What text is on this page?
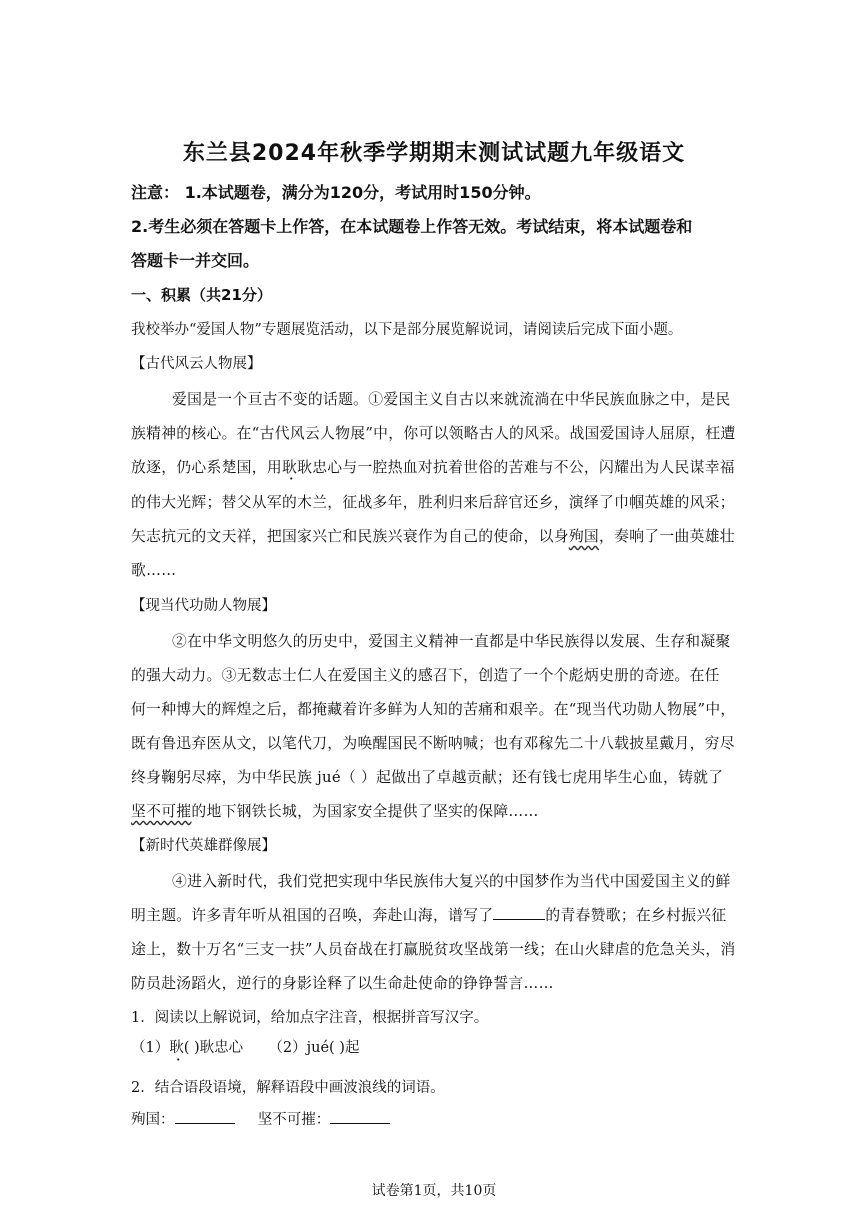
东兰县2024年秋季学期期末测试试题九年级语文
注意： 1.本试题卷，满分为120分，考试用时150分钟。
2.考生必须在答题卡上作答，在本试题卷上作答无效。考试结束，将本试题卷和
答题卡一并交回。
一、积累（共21分）
我校举办“爱国人物”专题展览活动，以下是部分展览解说词，请阅读后完成下面小题。
【古代风云人物展】
爱国是一个亘古不变的话题。①爱国主义自古以来就流淌在中华民族血脉之中，是民
族精神的核心。在“古代风云人物展”中，你可以领略古人的风采。战国爱国诗人屈原，枉遭
放逐，仍心系楚国，用耿耿忠心与一腔热血对抗着世俗的苦难与不公，闪耀出为人民谋幸福
的伟大光辉；替父从军的木兰，征战多年，胜利归来后辞官还乡，演绎了巾帼英雄的风采；
矢志抗元的文天祥，把国家兴亡和民族兴衰作为自己的使命，以身殉国，奏响了一曲英雄壮
歌……
【现当代功勋人物展】
②在中华文明悠久的历史中，爱国主义精神一直都是中华民族得以发展、生存和凝聚
的强大动力。③无数志士仁人在爱国主义的感召下，创造了一个个彪炳史册的奇迹。在任
何一种博大的辉煌之后，都掩藏着许多鲜为人知的苦痛和艰辛。在“现当代功勋人物展”中，
既有鲁迅弃医从文，以笔代刀，为唤醒国民不断呐喊；也有邓稼先二十八载披星戴月，穷尽
终身鞠躬尽瘁，为中华民族 jué（ ）起做出了卓越贡献；还有钱七虎用毕生心血，铸就了
坚不可摧的地下钢铁长城，为国家安全提供了坚实的保障……
【新时代英雄群像展】
④进入新时代，我们党把实现中华民族伟大复兴的中国梦作为当代中国爱国主义的鲜
明主题。许多青年听从祖国的召唤，奔赴山海，谱写了	的青春赞歌；在乡村振兴征
途上，数十万名“三支一扶”人员奋战在打赢脱贫攻坚战第一线；在山火肆虐的危急关头，消
防员赴汤蹈火，逆行的身影诠释了以生命赴使命的铮铮誓言……
1．阅读以上解说词，给加点字注音，根据拼音写汉字。
（1）耿( )耿忠心 （2）jué( )起
2．结合语段语境，解释语段中画波浪线的词语。
殉国：	坚不可摧：
试卷第1页，共10页
